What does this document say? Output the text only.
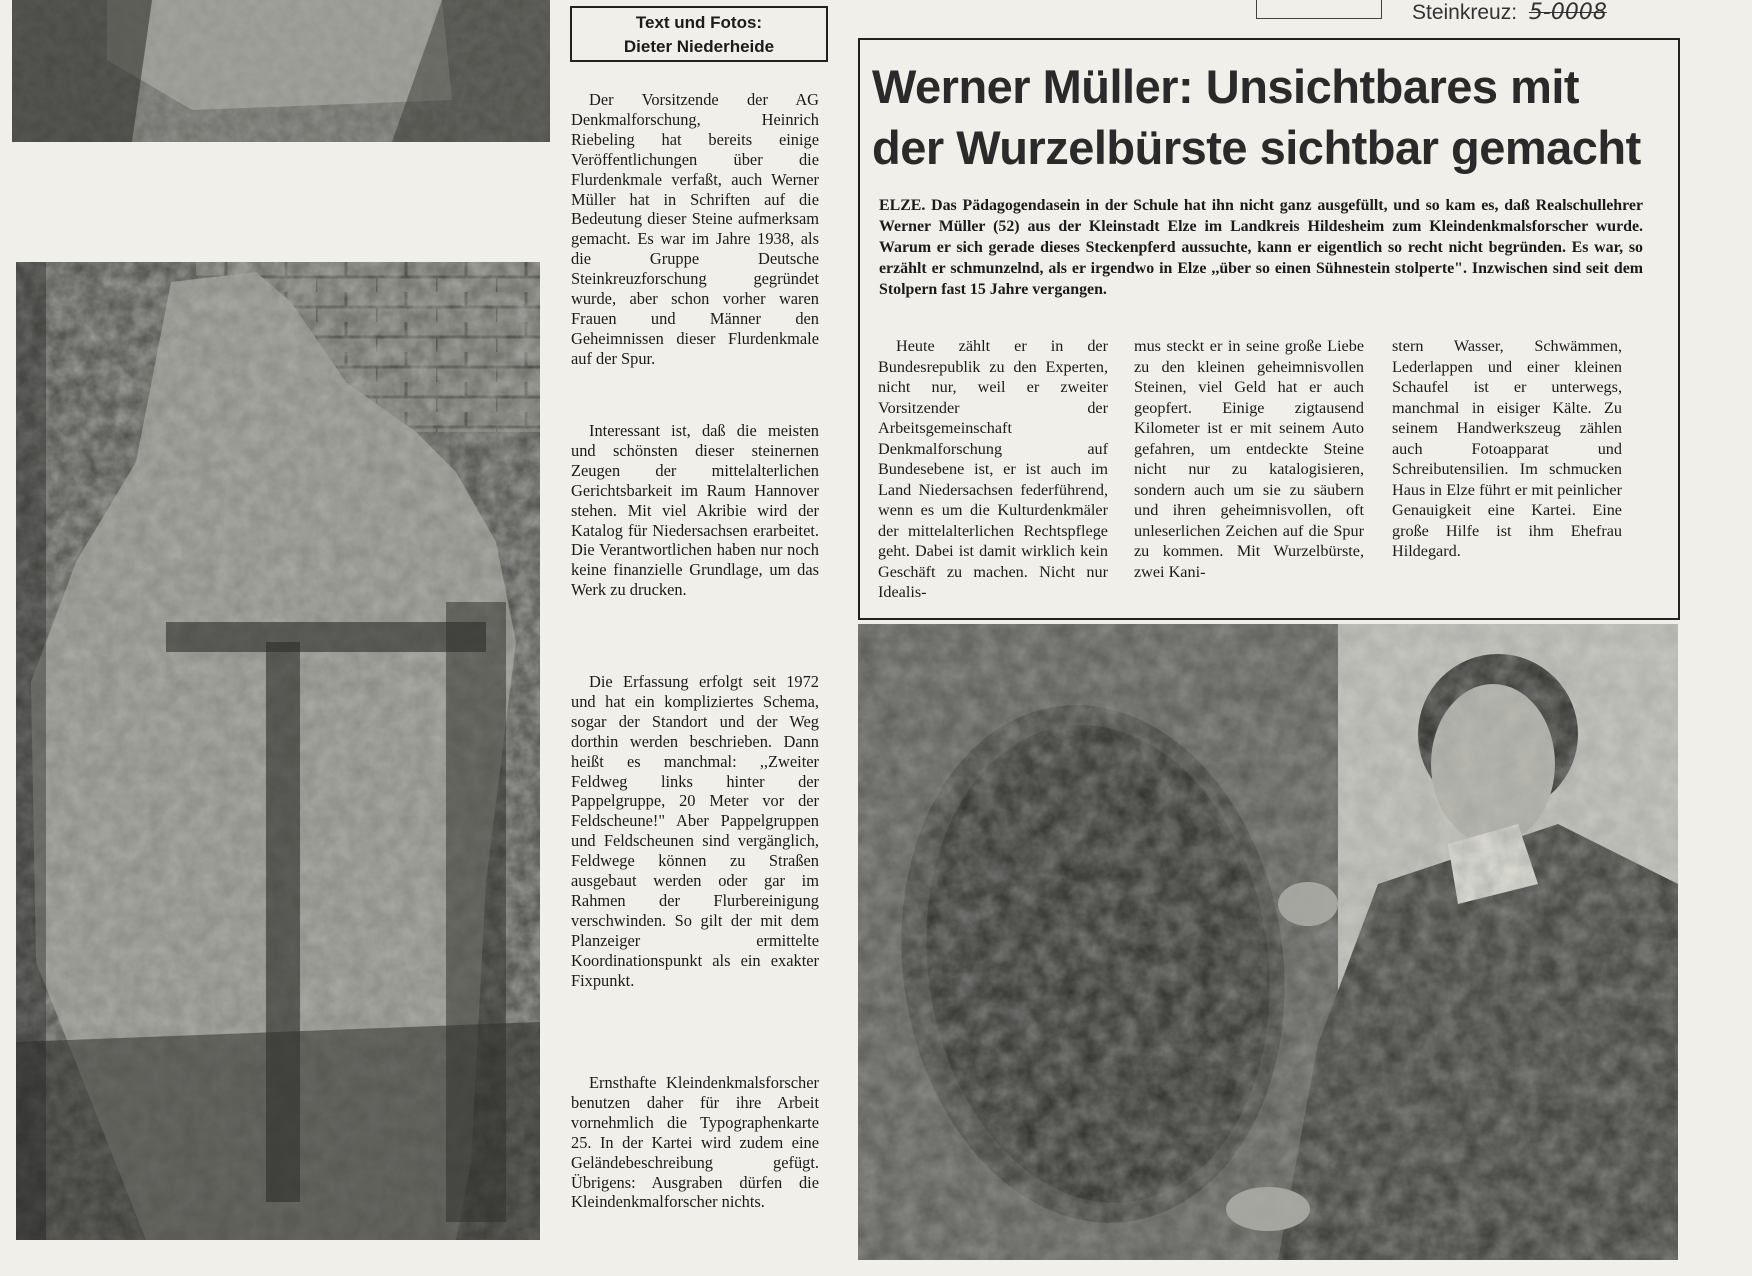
Text und Fotos:
Dieter Niederheide

Der Vorsitzende der AG Denkmalforschung, Heinrich Riebeling hat bereits einige Veröffentlichungen über die Flurdenkmale verfaßt, auch Werner Müller hat in Schriften auf die Bedeutung dieser Steine aufmerksam gemacht. Es war im Jahre 1938, als die Gruppe Deutsche Steinkreuzforschung gegründet wurde, aber schon vorher waren Frauen und Männer den Geheimnissen dieser Flurdenkmale auf der Spur.

Interessant ist, daß die meisten und schönsten dieser steinernen Zeugen der mittelalterlichen Gerichtsbarkeit im Raum Hannover stehen. Mit viel Akribie wird der Katalog für Niedersachsen erarbeitet. Die Verantwortlichen haben nur noch keine finanzielle Grundlage, um das Werk zu drucken.

Die Erfassung erfolgt seit 1972 und hat ein kompliziertes Schema, sogar der Standort und der Weg dorthin werden beschrieben. Dann heißt es manchmal: ,,Zweiter Feldweg links hinter der Pappelgruppe, 20 Meter vor der Feldscheune!" Aber Pappelgruppen und Feldscheunen sind vergänglich, Feldwege können zu Straßen ausgebaut werden oder gar im Rahmen der Flurbereinigung verschwinden. So gilt der mit dem Planzeiger ermittelte Koordinationspunkt als ein exakter Fixpunkt.

Ernsthafte Kleindenkmalsforscher benutzen daher für ihre Arbeit vornehmlich die Typographenkarte 25. In der Kartei wird zudem eine Geländebeschreibung gefügt. Übrigens: Ausgraben dürfen die Kleindenkmalforscher nichts.

Steinkreuz: 5-0008
Werner Müller: Unsichtbares mit
der Wurzelbürste sichtbar gemacht
ELZE. Das Pädagogendasein in der Schule hat ihn nicht ganz ausgefüllt, und so kam es, daß Realschullehrer Werner Müller (52) aus der Kleinstadt Elze im Landkreis Hildesheim zum Kleindenkmalsforscher wurde. Warum er sich gerade dieses Steckenpferd aussuchte, kann er eigentlich so recht nicht begründen. Es war, so erzählt er schmunzelnd, als er irgendwo in Elze ,,über so einen Sühnestein stolperte". Inzwischen sind seit dem Stolpern fast 15 Jahre vergangen.

Heute zählt er in der Bundesrepublik zu den Experten, nicht nur, weil er zweiter Vorsitzender der Arbeitsgemeinschaft Denkmalforschung auf Bundesebene ist, er ist auch im Land Niedersachsen federführend, wenn es um die Kulturdenkmäler der mittelalterlichen Rechtspflege geht. Dabei ist damit wirklich kein Geschäft zu machen. Nicht nur Idealis-

mus steckt er in seine große Liebe zu den kleinen geheimnisvollen Steinen, viel Geld hat er auch geopfert. Einige zigtausend Kilometer ist er mit seinem Auto gefahren, um entdeckte Steine nicht nur zu katalogisieren, sondern auch um sie zu säubern und ihren geheimnisvollen, oft unleserlichen Zeichen auf die Spur zu kommen. Mit Wurzelbürste, zwei Kani-

stern Wasser, Schwämmen, Lederlappen und einer kleinen Schaufel ist er unterwegs, manchmal in eisiger Kälte. Zu seinem Handwerkszeug zählen auch Fotoapparat und Schreibutensilien. Im schmucken Haus in Elze führt er mit peinlicher Genauigkeit eine Kartei. Eine große Hilfe ist ihm Ehefrau Hildegard.
